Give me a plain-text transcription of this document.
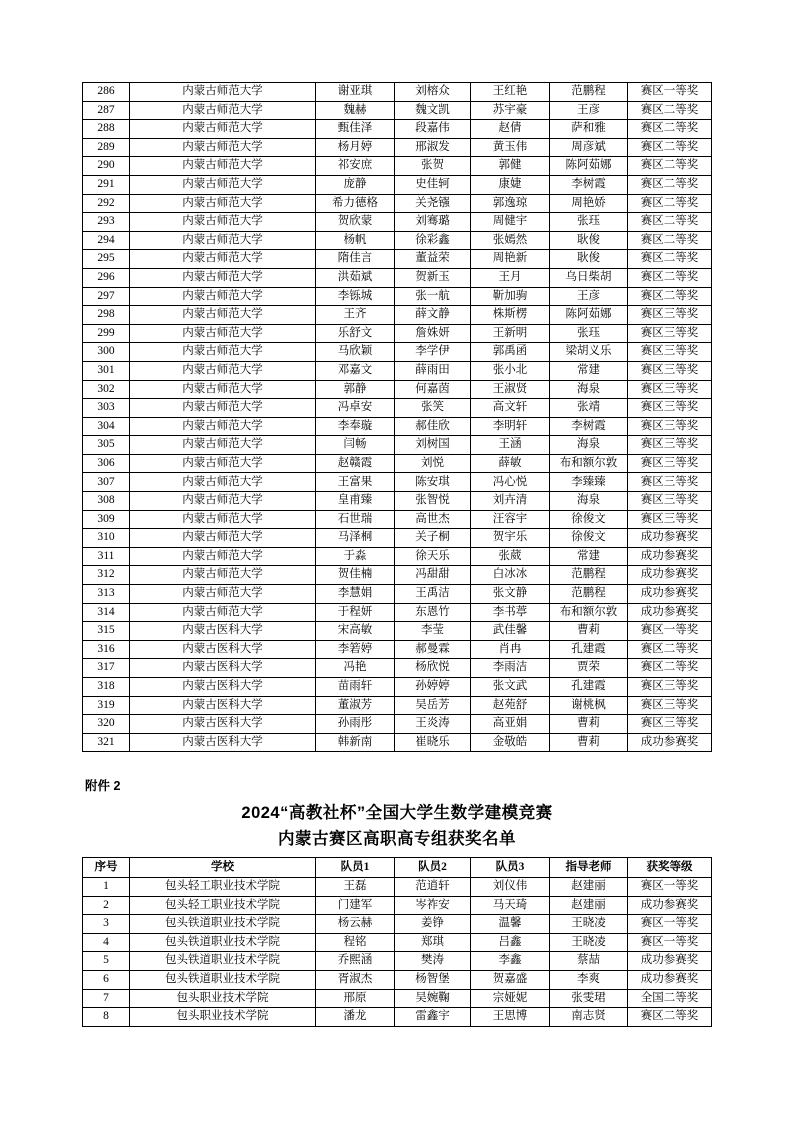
286	内蒙古师范大学	谢亚琪	刘榕众	王红艳	范鹏程	赛区一等奖
287	内蒙古师范大学	魏赫	魏文凯	苏宇豪	王彦	赛区二等奖
288	内蒙古师范大学	甄佳泽	段嘉伟	赵倩	萨和雅	赛区二等奖
289	内蒙古师范大学	杨月婷	邢淑发	黄玉伟	周彦斌	赛区二等奖
290	内蒙古师范大学	祁安庶	张贺	郭健	陈阿茹娜	赛区二等奖
291	内蒙古师范大学	庞静	史佳轲	康婕	李树霞	赛区二等奖
292	内蒙古师范大学	希力德格	关尧镪	郭逸琼	周艳娇	赛区二等奖
293	内蒙古师范大学	贺欣蒙	刘骞璐	周健宇	张珏	赛区二等奖
294	内蒙古师范大学	杨帆	徐彩鑫	张嫣然	耿俊	赛区二等奖
295	内蒙古师范大学	隋佳言	董益荣	周艳新	耿俊	赛区二等奖
296	内蒙古师范大学	洪茹斌	贺新玉	王月	乌日柴胡	赛区二等奖
297	内蒙古师范大学	李铄城	张一航	靳加驹	王彦	赛区二等奖
298	内蒙古师范大学	王齐	薛文静	株斯楞	陈阿茹娜	赛区三等奖
299	内蒙古师范大学	乐舒文	詹姝妍	王新明	张珏	赛区三等奖
300	内蒙古师范大学	马欣颖	李学伊	郭禹函	梁胡义乐	赛区三等奖
301	内蒙古师范大学	邓嘉文	薛雨田	张小北	常建	赛区三等奖
302	内蒙古师范大学	郭静	何嘉茵	王淑贤	海泉	赛区三等奖
303	内蒙古师范大学	冯卓安	张笑	高文轩	张靖	赛区三等奖
304	内蒙古师范大学	李奉璇	郝佳欣	李明轩	李树霞	赛区三等奖
305	内蒙古师范大学	闫畅	刘树国	王涵	海泉	赛区三等奖
306	内蒙古师范大学	赵赣霞	刘悦	薛敏	布和额尔敦	赛区三等奖
307	内蒙古师范大学	王富果	陈安琪	冯心悦	李臻臻	赛区三等奖
308	内蒙古师范大学	皇甫臻	张智悦	刘卉清	海泉	赛区三等奖
309	内蒙古师范大学	石世瑞	高世杰	汪容宇	徐俊文	赛区三等奖
310	内蒙古师范大学	马泽桐	关子桐	贺宇乐	徐俊文	成功参赛奖
311	内蒙古师范大学	于淼	徐天乐	张葳	常建	成功参赛奖
312	内蒙古师范大学	贺佳楠	冯甜甜	白冰冰	范鹏程	成功参赛奖
313	内蒙古师范大学	李慧娟	王禹洁	张文静	范鹏程	成功参赛奖
314	内蒙古师范大学	于程妍	东恩竹	李书葶	布和额尔敦	成功参赛奖
315	内蒙古医科大学	宋高敏	李莹	武佳馨	曹莉	赛区一等奖
316	内蒙古医科大学	李箬婷	郝曼霖	肖冉	孔建霞	赛区二等奖
317	内蒙古医科大学	冯艳	杨欣悦	李雨洁	贾荣	赛区二等奖
318	内蒙古医科大学	苗雨轩	孙婷婷	张文武	孔建霞	赛区三等奖
319	内蒙古医科大学	董淑芳	吴岳芳	赵苑舒	谢桃枫	赛区三等奖
320	内蒙古医科大学	孙雨彤	王炎涛	高亚娟	曹莉	赛区三等奖
321	内蒙古医科大学	韩新南	崔晓乐	金敬皓	曹莉	成功参赛奖
附件 2
2024“高教社杯”全国大学生数学建模竞赛
内蒙古赛区高职高专组获奖名单
序号	学校	队员1	队员2	队员3	指导老师	获奖等级
1	包头轻工职业技术学院	王磊	范逍轩	刘仪伟	赵建丽	赛区一等奖
2	包头轻工职业技术学院	门建军	岑祚安	马天琦	赵建丽	成功参赛奖
3	包头铁道职业技术学院	杨云赫	姜铮	温馨	王晓凌	赛区一等奖
4	包头铁道职业技术学院	程铭	郑琪	吕鑫	王晓凌	赛区一等奖
5	包头铁道职业技术学院	乔熙涵	樊涛	李鑫	蔡喆	成功参赛奖
6	包头铁道职业技术学院	胥淑杰	杨智堡	贺嘉盛	李爽	成功参赛奖
7	包头职业技术学院	邢原	吴婉鞠	宗娅妮	张雯珺	全国二等奖
8	包头职业技术学院	潘龙	雷鑫宇	王思博	南志贤	赛区二等奖
